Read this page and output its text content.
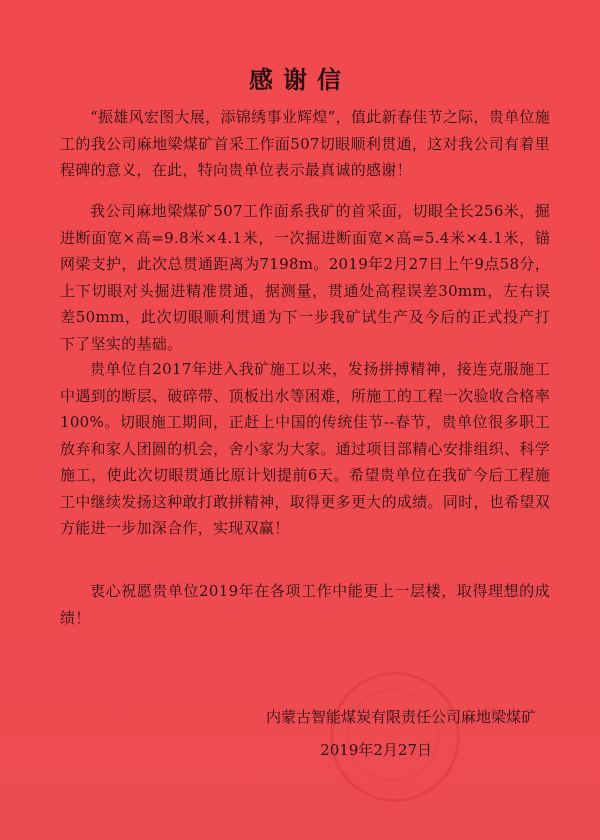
感谢信

“振雄风宏图大展，添锦绣事业辉煌”，值此新春佳节之际，贵单位施工的我公司麻地梁煤矿首采工作面507切眼顺利贯通，这对我公司有着里程碑的意义，在此，特向贵单位表示最真诚的感谢！

我公司麻地梁煤矿507工作面系我矿的首采面，切眼全长256米，掘进断面宽×高=9.8米×4.1米，一次掘进断面宽×高=5.4米×4.1米，锚网梁支护，此次总贯通距离为7198m。2019年2月27日上午9点58分，上下切眼对头掘进精准贯通，据测量，贯通处高程误差30mm，左右误差50mm，此次切眼顺利贯通为下一步我矿试生产及今后的正式投产打下了坚实的基础。

贵单位自2017年进入我矿施工以来，发扬拼搏精神，接连克服施工中遇到的断层、破碎带、顶板出水等困难，所施工的工程一次验收合格率100%。切眼施工期间，正赶上中国的传统佳节--春节，贵单位很多职工放弃和家人团圆的机会，舍小家为大家。通过项目部精心安排组织、科学施工，使此次切眼贯通比原计划提前6天。希望贵单位在我矿今后工程施工中继续发扬这种敢打敢拼精神，取得更多更大的成绩。同时，也希望双方能进一步加深合作，实现双赢！

衷心祝愿贵单位2019年在各项工作中能更上一层楼，取得理想的成绩！

内蒙古智能煤炭有限责任公司麻地梁煤矿
2019年2月27日
